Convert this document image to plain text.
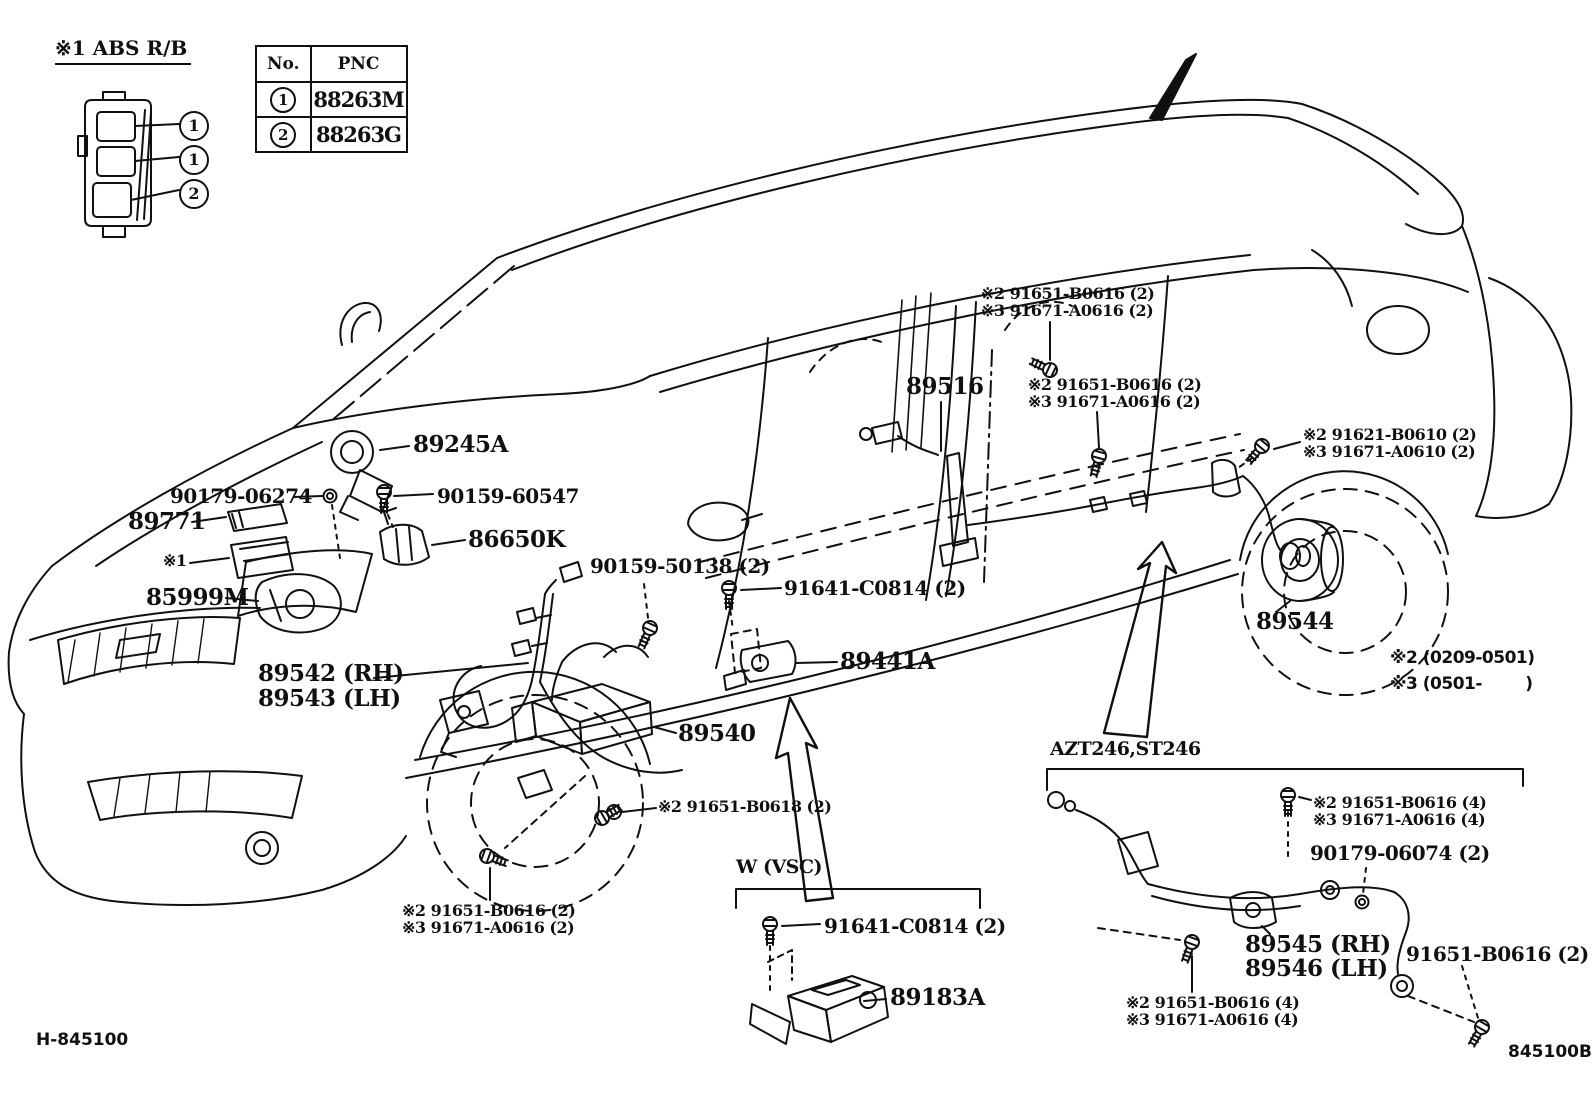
※1 ABS R/B
No.	PNC
1	88263M
2	88263G
1
1
2
89245A
90179-06274	90159-60547
89771
86650K
※1
85999M
89542 (RH)
89543 (LH)
89540
90159-50138 (2)
91641-C0814 (2)
89441A
89516
※2 91651-B0616 (2)
※3 91671-A0616 (2)
※2 91651-B0616 (2)
※3 91671-A0616 (2)
※2 91621-B0610 (2)
※3 91671-A0610 (2)
89544
※2 (0209-0501)
※3 (0501-        )
AZT246,ST246
※2 91651-B0616 (4)
※3 91671-A0616 (4)
90179-06074 (2)
89545 (RH)
89546 (LH)
91651-B0616 (2)
※2 91651-B0616 (4)
※3 91671-A0616 (4)
W (VSC)
91641-C0814 (2)
89183A
※2 91651-B0616 (2)
※3 91671-A0616 (2)
※2 91651-B0618 (2)
H-845100
845100B
